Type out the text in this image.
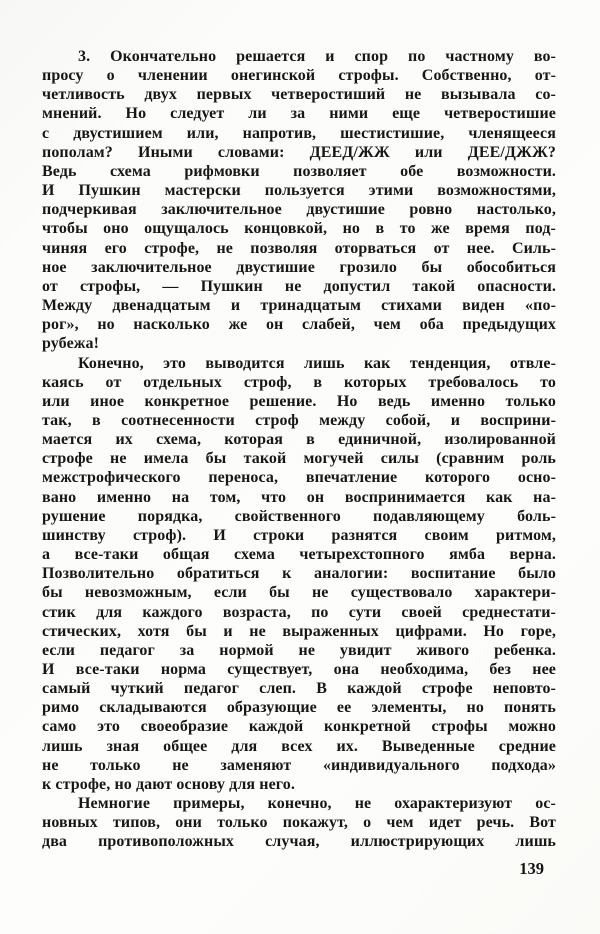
3. Окончательно решается и спор по частному во-
просу о членении онегинской строфы. Собственно, от-
четливость двух первых четверостиший не вызывала со-
мнений. Но следует ли за ними еще четверостишие
с двустишием или, напротив, шестистишие, членящееся
пополам? Иными словами: ДЕЕД/ЖЖ или ДЕЕ/ДЖЖ?
Ведь схема рифмовки позволяет обе возможности.
И Пушкин мастерски пользуется этими возможностями,
подчеркивая заключительное двустишие ровно настолько,
чтобы оно ощущалось концовкой, но в то же время под-
чиняя его строфе, не позволяя оторваться от нее. Силь-
ное заключительное двустишие грозило бы обособиться
от строфы, — Пушкин не допустил такой опасности.
Между двенадцатым и тринадцатым стихами виден «по-
рог», но насколько же он слабей, чем оба предыдущих
рубежа!
Конечно, это выводится лишь как тенденция, отвле-
каясь от отдельных строф, в которых требовалось то
или иное конкретное решение. Но ведь именно только
так, в соотнесенности строф между собой, и восприни-
мается их схема, которая в единичной, изолированной
строфе не имела бы такой могучей силы (сравним роль
межстрофического переноса, впечатление которого осно-
вано именно на том, что он воспринимается как на-
рушение порядка, свойственного подавляющему боль-
шинству строф). И строки разнятся своим ритмом,
а все-таки общая схема четырехстопного ямба верна.
Позволительно обратиться к аналогии: воспитание было
бы невозможным, если бы не существовало характери-
стик для каждого возраста, по сути своей среднестати-
стических, хотя бы и не выраженных цифрами. Но горе,
если педагог за нормой не увидит живого ребенка.
И все-таки норма существует, она необходима, без нее
самый чуткий педагог слеп. В каждой строфе неповто-
римо складываются образующие ее элементы, но понять
само это своеобразие каждой конкретной строфы можно
лишь зная общее для всех их. Выведенные средние
не только не заменяют «индивидуального подхода»
к строфе, но дают основу для него.
Немногие примеры, конечно, не охарактеризуют ос-
новных типов, они только покажут, о чем идет речь. Вот
два противоположных случая, иллюстрирующих лишь
139
